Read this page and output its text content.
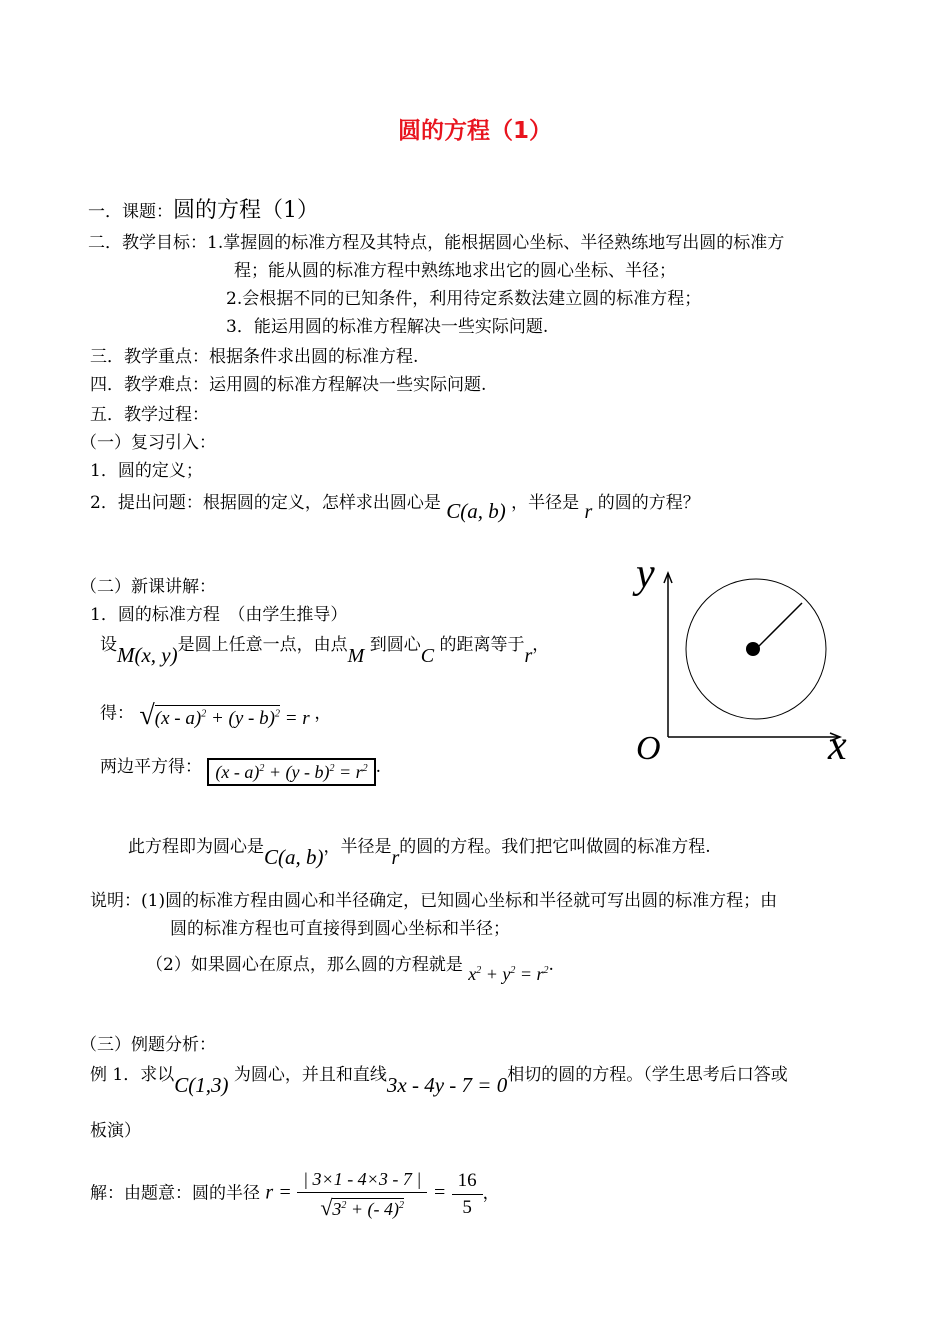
圆的方程（1）
一．课题：圆的方程（1）
二．教学目标：1.掌握圆的标准方程及其特点，能根据圆心坐标、半径熟练地写出圆的标准方
程；能从圆的标准方程中熟练地求出它的圆心坐标、半径；
2.会根据不同的已知条件，利用待定系数法建立圆的标准方程；
3．能运用圆的标准方程解决一些实际问题.
三．教学重点：根据条件求出圆的标准方程.
四．教学难点：运用圆的标准方程解决一些实际问题.
五．教学过程：
（一）复习引入：
1．圆的定义；
2．提出问题：根据圆的定义，怎样求出圆心是 C(a, b) ，半径是 r 的圆的方程？
（二）新课讲解：
1．圆的标准方程　（由学生推导）
设M(x, y)是圆上任意一点，由点M 到圆心C 的距离等于r，
得： √(x - a)$^2$ + (y - b)$^2$ = r ，
两边平方得： $(x - a)^2 + (y - b)^2 = r^2$ .
此方程即为圆心是C(a, b)，半径是r的圆的方程。我们把它叫做圆的标准方程.
说明：(1)圆的标准方程由圆心和半径确定，已知圆心坐标和半径就可写出圆的标准方程；由
圆的标准方程也可直接得到圆心坐标和半径；
（2）如果圆心在原点，那么圆的方程就是 $x^2 + y^2 = r^2$.
（三）例题分析：
例 1．求以C(1,3) 为圆心，并且和直线3x - 4y - 7 = 0相切的圆的方程。（学生思考后口答或
板演）
解：由题意：圆的半径 $r = \frac{| 3\times 1 - 4\times 3 - 7 |}{√3^2 + (- 4)^2} = \frac{16}{5}$ ，
y
x
O
